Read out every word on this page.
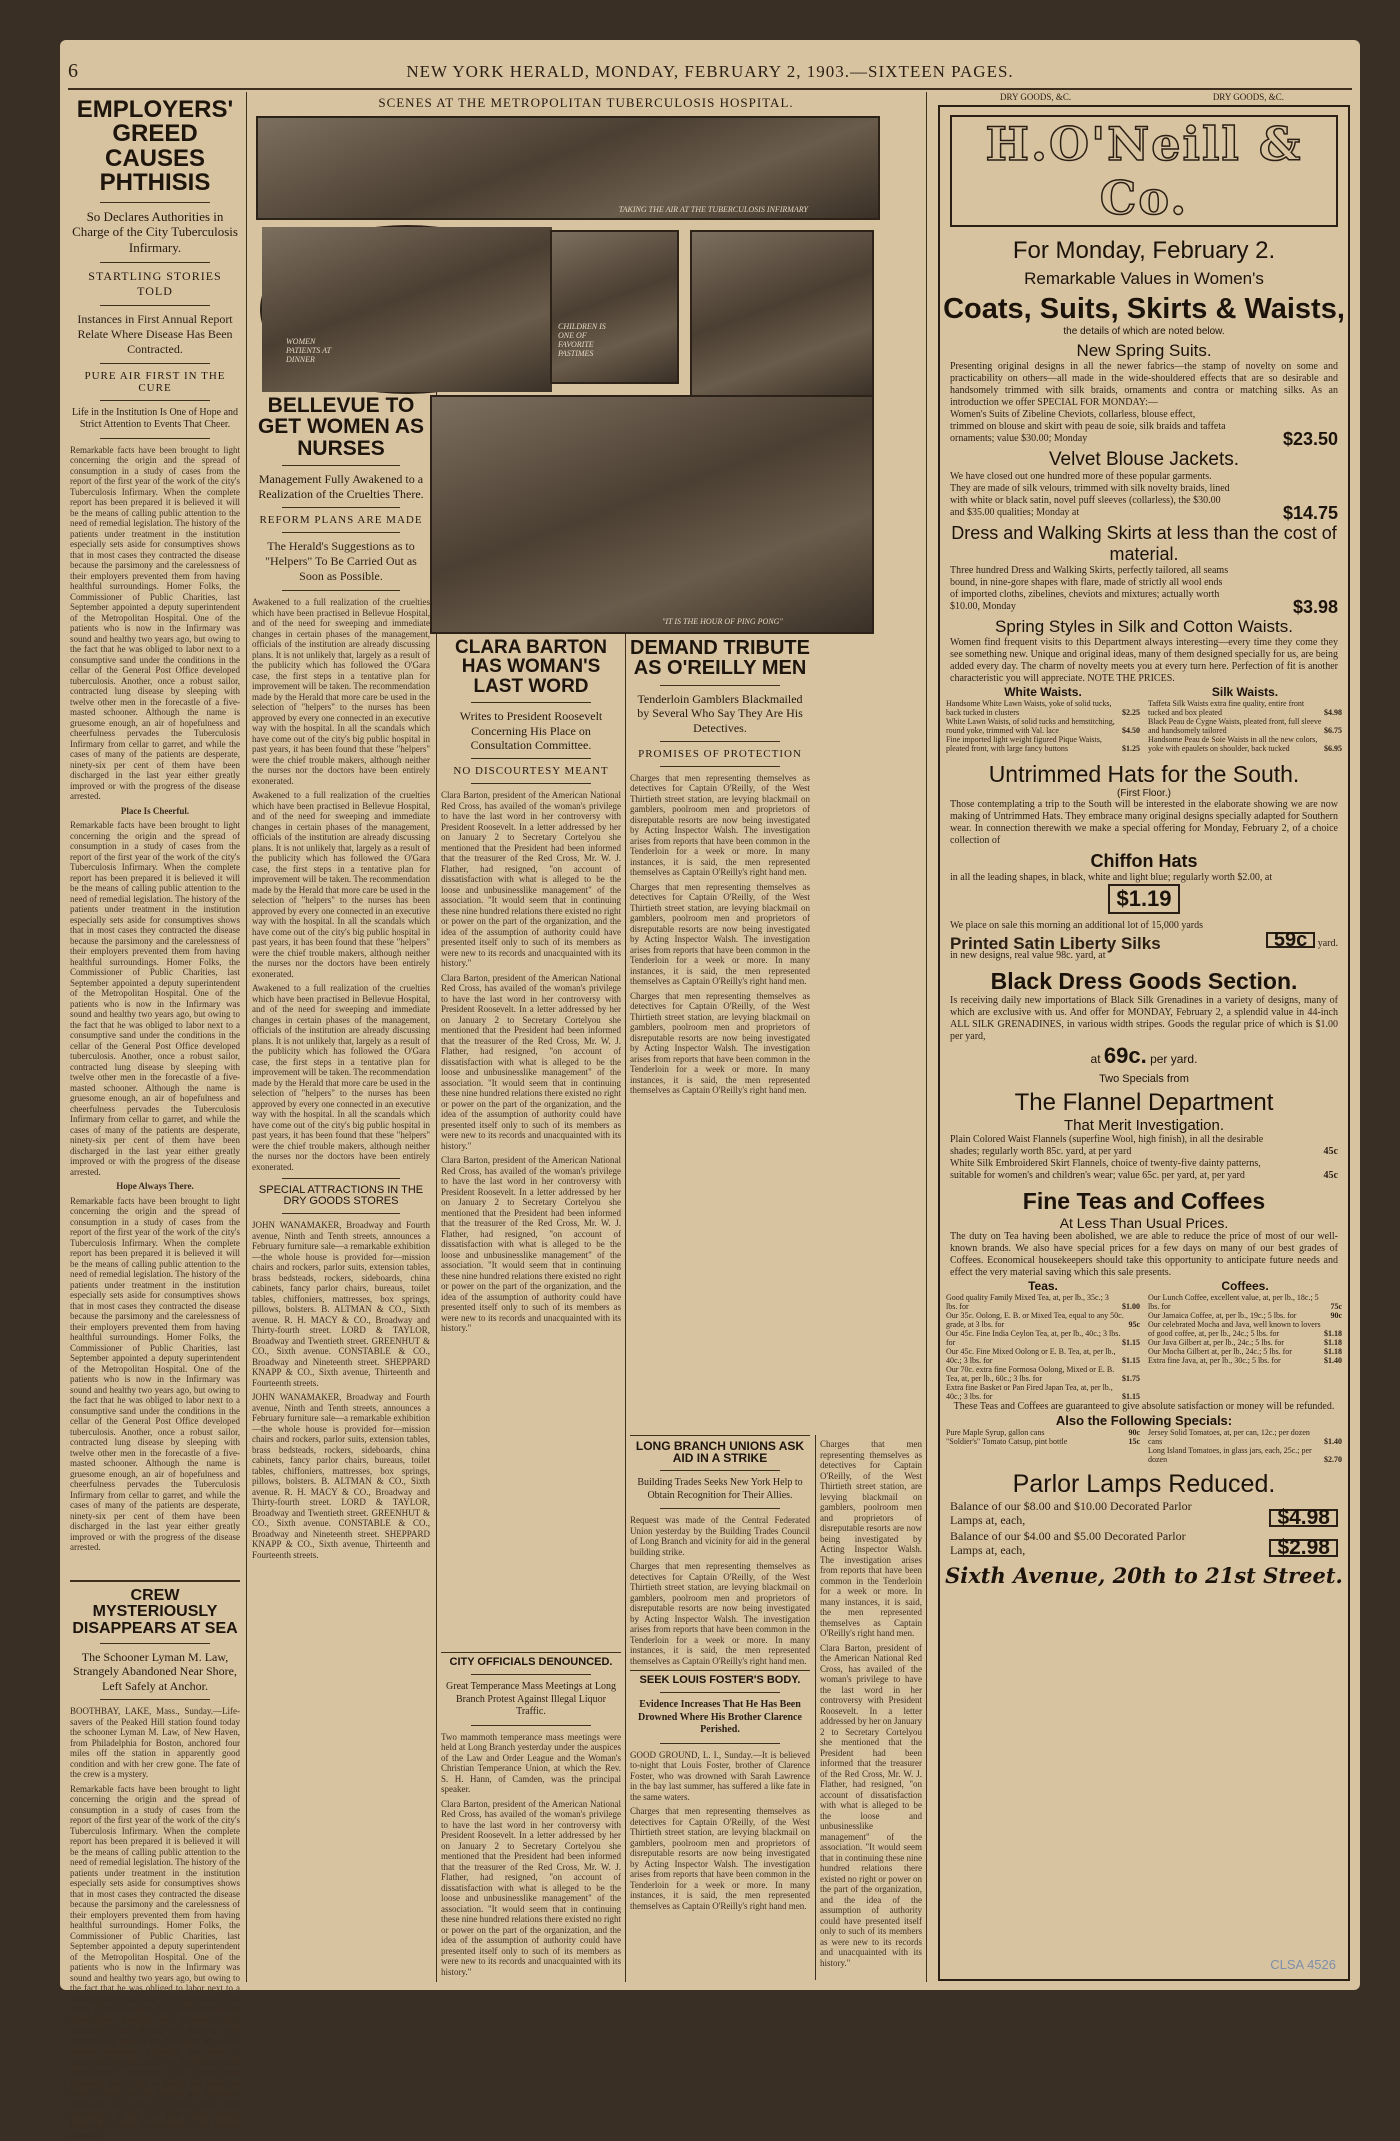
6	NEW YORK HERALD, MONDAY, FEBRUARY 2, 1903.—SIXTEEN PAGES.
EMPLOYERS' GREED CAUSES PHTHISIS
So Declares Authorities in Charge of the City Tuberculosis Infirmary.
STARTLING STORIES TOLD
Instances in First Annual Report Relate Where Disease Has Been Contracted.
PURE AIR FIRST IN THE CURE
Life in the Institution Is One of Hope and Strict Attention to Events That Cheer.
Remarkable facts have been brought to light concerning the origin and the spread of consumption in a study of cases from the report of the first year of the work of the city's Tuberculosis Infirmary. When the complete report has been prepared it is believed it will be the means of calling public attention to the need of remedial legislation. The history of the patients under treatment in the institution especially sets aside for consumptives shows that in most cases they contracted the disease because the parsimony and the carelessness of their employers prevented them from having healthful surroundings. Homer Folks, the Commissioner of Public Charities, last September appointed a deputy superintendent of the Metropolitan Hospital. One of the patients who is now in the Infirmary was sound and healthy two years ago, but owing to the fact that he was obliged to labor next to a consumptive sand under the conditions in the cellar of the General Post Office developed tuberculosis. Another, once a robust sailor, contracted lung disease by sleeping with twelve other men in the forecastle of a five-masted schooner. Although the name is gruesome enough, an air of hopefulness and cheerfulness pervades the Tuberculosis Infirmary from cellar to garret, and while the cases of many of the patients are desperate, ninety-six per cent of them have been discharged in the last year either greatly improved or with the progress of the disease arrested.
Place Is Cheerful.
Remarkable facts have been brought to light concerning the origin and the spread of consumption in a study of cases from the report of the first year of the work of the city's Tuberculosis Infirmary. When the complete report has been prepared it is believed it will be the means of calling public attention to the need of remedial legislation. The history of the patients under treatment in the institution especially sets aside for consumptives shows that in most cases they contracted the disease because the parsimony and the carelessness of their employers prevented them from having healthful surroundings. Homer Folks, the Commissioner of Public Charities, last September appointed a deputy superintendent of the Metropolitan Hospital. One of the patients who is now in the Infirmary was sound and healthy two years ago, but owing to the fact that he was obliged to labor next to a consumptive sand under the conditions in the cellar of the General Post Office developed tuberculosis. Another, once a robust sailor, contracted lung disease by sleeping with twelve other men in the forecastle of a five-masted schooner. Although the name is gruesome enough, an air of hopefulness and cheerfulness pervades the Tuberculosis Infirmary from cellar to garret, and while the cases of many of the patients are desperate, ninety-six per cent of them have been discharged in the last year either greatly improved or with the progress of the disease arrested.
Hope Always There.
Remarkable facts have been brought to light concerning the origin and the spread of consumption in a study of cases from the report of the first year of the work of the city's Tuberculosis Infirmary. When the complete report has been prepared it is believed it will be the means of calling public attention to the need of remedial legislation. The history of the patients under treatment in the institution especially sets aside for consumptives shows that in most cases they contracted the disease because the parsimony and the carelessness of their employers prevented them from having healthful surroundings. Homer Folks, the Commissioner of Public Charities, last September appointed a deputy superintendent of the Metropolitan Hospital. One of the patients who is now in the Infirmary was sound and healthy two years ago, but owing to the fact that he was obliged to labor next to a consumptive sand under the conditions in the cellar of the General Post Office developed tuberculosis. Another, once a robust sailor, contracted lung disease by sleeping with twelve other men in the forecastle of a five-masted schooner. Although the name is gruesome enough, an air of hopefulness and cheerfulness pervades the Tuberculosis Infirmary from cellar to garret, and while the cases of many of the patients are desperate, ninety-six per cent of them have been discharged in the last year either greatly improved or with the progress of the disease arrested.
CREW MYSTERIOUSLY DISAPPEARS AT SEA
The Schooner Lyman M. Law, Strangely Abandoned Near Shore, Left Safely at Anchor.
BOOTHBAY, LAKE, Mass., Sunday.—Life-savers of the Peaked Hill station found today the schooner Lyman M. Law, of New Haven, from Philadelphia for Boston, anchored four miles off the station in apparently good condition and with her crew gone. The fate of the crew is a mystery.
Remarkable facts have been brought to light concerning the origin and the spread of consumption in a study of cases from the report of the first year of the work of the city's Tuberculosis Infirmary. When the complete report has been prepared it is believed it will be the means of calling public attention to the need of remedial legislation. The history of the patients under treatment in the institution especially sets aside for consumptives shows that in most cases they contracted the disease because the parsimony and the carelessness of their employers prevented them from having healthful surroundings. Homer Folks, the Commissioner of Public Charities, last September appointed a deputy superintendent of the Metropolitan Hospital. One of the patients who is now in the Infirmary was sound and healthy two years ago, but owing to the fact that he was obliged to labor next to a consumptive sand under the conditions in the cellar of the General Post Office developed tuberculosis. Another, once a robust sailor, contracted lung disease by sleeping with twelve other men in the forecastle of a five-masted schooner. Although the name is gruesome enough, an air of hopefulness and cheerfulness pervades the Tuberculosis Infirmary from cellar to garret, and while the cases of many of the patients are desperate, ninety-six per cent of them have been discharged in the last year either greatly improved or with the progress of the disease arrested.
SCENES AT THE METROPOLITAN TUBERCULOSIS HOSPITAL.
TAKING THE AIR AT THE TUBERCULOSIS INFIRMARY
WOMEN PATIENTS AT DINNER
CHILDREN IS ONE OF FAVORITE PASTIMES
"IT IS THE HOUR OF PING PONG"
BELLEVUE TO GET WOMEN AS NURSES
Management Fully Awakened to a Realization of the Cruelties There.
REFORM PLANS ARE MADE
The Herald's Suggestions as to "Helpers" To Be Carried Out as Soon as Possible.
Awakened to a full realization of the cruelties which have been practised in Bellevue Hospital, and of the need for sweeping and immediate changes in certain phases of the management, officials of the institution are already discussing plans. It is not unlikely that, largely as a result of the publicity which has followed the O'Gara case, the first steps in a tentative plan for improvement will be taken. The recommendation made by the Herald that more care be used in the selection of "helpers" to the nurses has been approved by every one connected in an executive way with the hospital. In all the scandals which have come out of the city's big public hospital in past years, it has been found that these "helpers" were the chief trouble makers, although neither the nurses nor the doctors have been entirely exonerated.
Awakened to a full realization of the cruelties which have been practised in Bellevue Hospital, and of the need for sweeping and immediate changes in certain phases of the management, officials of the institution are already discussing plans. It is not unlikely that, largely as a result of the publicity which has followed the O'Gara case, the first steps in a tentative plan for improvement will be taken. The recommendation made by the Herald that more care be used in the selection of "helpers" to the nurses has been approved by every one connected in an executive way with the hospital. In all the scandals which have come out of the city's big public hospital in past years, it has been found that these "helpers" were the chief trouble makers, although neither the nurses nor the doctors have been entirely exonerated.
Awakened to a full realization of the cruelties which have been practised in Bellevue Hospital, and of the need for sweeping and immediate changes in certain phases of the management, officials of the institution are already discussing plans. It is not unlikely that, largely as a result of the publicity which has followed the O'Gara case, the first steps in a tentative plan for improvement will be taken. The recommendation made by the Herald that more care be used in the selection of "helpers" to the nurses has been approved by every one connected in an executive way with the hospital. In all the scandals which have come out of the city's big public hospital in past years, it has been found that these "helpers" were the chief trouble makers, although neither the nurses nor the doctors have been entirely exonerated.
SPECIAL ATTRACTIONS IN THE DRY GOODS STORES
JOHN WANAMAKER, Broadway and Fourth avenue, Ninth and Tenth streets, announces a February furniture sale—a remarkable exhibition—the whole house is provided for—mission chairs and rockers, parlor suits, extension tables, brass bedsteads, rockers, sideboards, china cabinets, fancy parlor chairs, bureaus, toilet tables, chiffoniers, mattresses, box springs, pillows, bolsters. B. ALTMAN & CO., Sixth avenue. R. H. MACY & CO., Broadway and Thirty-fourth street. LORD & TAYLOR, Broadway and Twentieth street. GREENHUT & CO., Sixth avenue. CONSTABLE & CO., Broadway and Nineteenth street. SHEPPARD KNAPP & CO., Sixth avenue, Thirteenth and Fourteenth streets.
JOHN WANAMAKER, Broadway and Fourth avenue, Ninth and Tenth streets, announces a February furniture sale—a remarkable exhibition—the whole house is provided for—mission chairs and rockers, parlor suits, extension tables, brass bedsteads, rockers, sideboards, china cabinets, fancy parlor chairs, bureaus, toilet tables, chiffoniers, mattresses, box springs, pillows, bolsters. B. ALTMAN & CO., Sixth avenue. R. H. MACY & CO., Broadway and Thirty-fourth street. LORD & TAYLOR, Broadway and Twentieth street. GREENHUT & CO., Sixth avenue. CONSTABLE & CO., Broadway and Nineteenth street. SHEPPARD KNAPP & CO., Sixth avenue, Thirteenth and Fourteenth streets.
CLARA BARTON HAS WOMAN'S LAST WORD
Writes to President Roosevelt Concerning His Place on Consultation Committee.
NO DISCOURTESY MEANT
Clara Barton, president of the American National Red Cross, has availed of the woman's privilege to have the last word in her controversy with President Roosevelt. In a letter addressed by her on January 2 to Secretary Cortelyou she mentioned that the President had been informed that the treasurer of the Red Cross, Mr. W. J. Flather, had resigned, "on account of dissatisfaction with what is alleged to be the loose and unbusinesslike management" of the association. "It would seem that in continuing these nine hundred relations there existed no right or power on the part of the organization, and the idea of the assumption of authority could have presented itself only to such of its members as were new to its records and unacquainted with its history."
Clara Barton, president of the American National Red Cross, has availed of the woman's privilege to have the last word in her controversy with President Roosevelt. In a letter addressed by her on January 2 to Secretary Cortelyou she mentioned that the President had been informed that the treasurer of the Red Cross, Mr. W. J. Flather, had resigned, "on account of dissatisfaction with what is alleged to be the loose and unbusinesslike management" of the association. "It would seem that in continuing these nine hundred relations there existed no right or power on the part of the organization, and the idea of the assumption of authority could have presented itself only to such of its members as were new to its records and unacquainted with its history."
Clara Barton, president of the American National Red Cross, has availed of the woman's privilege to have the last word in her controversy with President Roosevelt. In a letter addressed by her on January 2 to Secretary Cortelyou she mentioned that the President had been informed that the treasurer of the Red Cross, Mr. W. J. Flather, had resigned, "on account of dissatisfaction with what is alleged to be the loose and unbusinesslike management" of the association. "It would seem that in continuing these nine hundred relations there existed no right or power on the part of the organization, and the idea of the assumption of authority could have presented itself only to such of its members as were new to its records and unacquainted with its history."
CITY OFFICIALS DENOUNCED.
Great Temperance Mass Meetings at Long Branch Protest Against Illegal Liquor Traffic.
Two mammoth temperance mass meetings were held at Long Branch yesterday under the auspices of the Law and Order League and the Woman's Christian Temperance Union, at which the Rev. S. H. Hann, of Camden, was the principal speaker.
Clara Barton, president of the American National Red Cross, has availed of the woman's privilege to have the last word in her controversy with President Roosevelt. In a letter addressed by her on January 2 to Secretary Cortelyou she mentioned that the President had been informed that the treasurer of the Red Cross, Mr. W. J. Flather, had resigned, "on account of dissatisfaction with what is alleged to be the loose and unbusinesslike management" of the association. "It would seem that in continuing these nine hundred relations there existed no right or power on the part of the organization, and the idea of the assumption of authority could have presented itself only to such of its members as were new to its records and unacquainted with its history."
DEMAND TRIBUTE AS O'REILLY MEN
Tenderloin Gamblers Blackmailed by Several Who Say They Are His Detectives.
PROMISES OF PROTECTION
Charges that men representing themselves as detectives for Captain O'Reilly, of the West Thirtieth street station, are levying blackmail on gamblers, poolroom men and proprietors of disreputable resorts are now being investigated by Acting Inspector Walsh. The investigation arises from reports that have been common in the Tenderloin for a week or more. In many instances, it is said, the men represented themselves as Captain O'Reilly's right hand men.
Charges that men representing themselves as detectives for Captain O'Reilly, of the West Thirtieth street station, are levying blackmail on gamblers, poolroom men and proprietors of disreputable resorts are now being investigated by Acting Inspector Walsh. The investigation arises from reports that have been common in the Tenderloin for a week or more. In many instances, it is said, the men represented themselves as Captain O'Reilly's right hand men.
Charges that men representing themselves as detectives for Captain O'Reilly, of the West Thirtieth street station, are levying blackmail on gamblers, poolroom men and proprietors of disreputable resorts are now being investigated by Acting Inspector Walsh. The investigation arises from reports that have been common in the Tenderloin for a week or more. In many instances, it is said, the men represented themselves as Captain O'Reilly's right hand men.
LONG BRANCH UNIONS ASK AID IN A STRIKE
Building Trades Seeks New York Help to Obtain Recognition for Their Allies.
Request was made of the Central Federated Union yesterday by the Building Trades Council of Long Branch and vicinity for aid in the general building strike.
Charges that men representing themselves as detectives for Captain O'Reilly, of the West Thirtieth street station, are levying blackmail on gamblers, poolroom men and proprietors of disreputable resorts are now being investigated by Acting Inspector Walsh. The investigation arises from reports that have been common in the Tenderloin for a week or more. In many instances, it is said, the men represented themselves as Captain O'Reilly's right hand men.
SEEK LOUIS FOSTER'S BODY.
Evidence Increases That He Has Been Drowned Where His Brother Clarence Perished.
GOOD GROUND, L. I., Sunday.—It is believed to-night that Louis Foster, brother of Clarence Foster, who was drowned with Sarah Lawrence in the bay last summer, has suffered a like fate in the same waters.
Charges that men representing themselves as detectives for Captain O'Reilly, of the West Thirtieth street station, are levying blackmail on gamblers, poolroom men and proprietors of disreputable resorts are now being investigated by Acting Inspector Walsh. The investigation arises from reports that have been common in the Tenderloin for a week or more. In many instances, it is said, the men represented themselves as Captain O'Reilly's right hand men.
Charges that men representing themselves as detectives for Captain O'Reilly, of the West Thirtieth street station, are levying blackmail on gamblers, poolroom men and proprietors of disreputable resorts are now being investigated by Acting Inspector Walsh. The investigation arises from reports that have been common in the Tenderloin for a week or more. In many instances, it is said, the men represented themselves as Captain O'Reilly's right hand men.
Clara Barton, president of the American National Red Cross, has availed of the woman's privilege to have the last word in her controversy with President Roosevelt. In a letter addressed by her on January 2 to Secretary Cortelyou she mentioned that the President had been informed that the treasurer of the Red Cross, Mr. W. J. Flather, had resigned, "on account of dissatisfaction with what is alleged to be the loose and unbusinesslike management" of the association. "It would seem that in continuing these nine hundred relations there existed no right or power on the part of the organization, and the idea of the assumption of authority could have presented itself only to such of its members as were new to its records and unacquainted with its history."
DRY GOODS, &C.	DRY GOODS, &C.
H.O'Neill & Co.
For Monday, February 2.
Remarkable Values in Women's
Coats, Suits, Skirts & Waists,
the details of which are noted below.
New Spring Suits.
Presenting original designs in all the newer fabrics—the stamp of novelty on some and practicability on others—all made in the wide-shouldered effects that are so desirable and handsomely trimmed with silk braids, ornaments and contra or matching silks. As an introduction we offer SPECIAL FOR MONDAY:—
Women's Suits of Zibeline Cheviots, collarless, blouse effect, trimmed on blouse and skirt with peau de soie, silk braids and taffeta ornaments; value $30.00; Monday	$23.50
Velvet Blouse Jackets.
We have closed out one hundred more of these popular garments. They are made of silk velours, trimmed with silk novelty braids, lined with white or black satin, novel puff sleeves (collarless), the $30.00 and $35.00 qualities; Monday at	$14.75
Dress and Walking Skirts at less than the cost of material.
Three hundred Dress and Walking Skirts, perfectly tailored, all seams bound, in nine-gore shapes with flare, made of strictly all wool ends of imported cloths, zibelines, cheviots and mixtures; actually worth $10.00, Monday	$3.98
Spring Styles in Silk and Cotton Waists.
Women find frequent visits to this Department always interesting—every time they come they see something new. Unique and original ideas, many of them designed specially for us, are being added every day. The charm of novelty meets you at every turn here. Perfection of fit is another characteristic you will appreciate. NOTE THE PRICES.
White Waists.
Handsome White Lawn Waists, yoke of solid tucks, back tucked in clusters	$2.25
White Lawn Waists, of solid tucks and hemstitching, round yoke, trimmed with Val. lace	$4.50
Fine imported light weight figured Pique Waists, pleated front, with large fancy buttons	$1.25
Silk Waists.
Taffeta Silk Waists extra fine quality, entire front tucked and box pleated	$4.98
Black Peau de Cygne Waists, pleated front, full sleeve and handsomely tailored	$6.75
Handsome Peau de Soie Waists in all the new colors, yoke with epaulets on shoulder, back tucked	$6.95
Untrimmed Hats for the South.
(First Floor.)
Those contemplating a trip to the South will be interested in the elaborate showing we are now making of Untrimmed Hats. They embrace many original designs specially adapted for Southern wear. In connection therewith we make a special offering for Monday, February 2, of a choice collection of
Chiffon Hats
in all the leading shapes, in black, white and light blue; regularly worth $2.00, at
$1.19
We place on sale this morning an additional lot of 15,000 yards
Printed Satin Liberty Silks	59c yard.
in new designs, real value 98c. yard, at
Black Dress Goods Section.
Is receiving daily new importations of Black Silk Grenadines in a variety of designs, many of which are exclusive with us. And offer for MONDAY, February 2, a splendid value in 44-inch ALL SILK GRENADINES, in various width stripes. Goods the regular price of which is $1.00 per yard,
at 69c. per yard.
Two Specials from
The Flannel Department
That Merit Investigation.
Plain Colored Waist Flannels (superfine Wool, high finish), in all the desirable shades; regularly worth 85c. yard, at per yard	45c
White Silk Embroidered Skirt Flannels, choice of twenty-five dainty patterns, suitable for women's and children's wear; value 65c. per yard, at, per yard	45c
Fine Teas and Coffees
At Less Than Usual Prices.
The duty on Tea having been abolished, we are able to reduce the price of most of our well-known brands. We also have special prices for a few days on many of our best grades of Coffees. Economical housekeepers should take this opportunity to anticipate future needs and effect the very material saving which this sale presents.
Teas.
Good quality Family Mixed Tea, at, per lb., 35c.; 3 lbs. for	$1.00
Our 35c. Oolong, E. B. or Mixed Tea, equal to any 50c. grade, at 3 lbs. for	95c
Our 45c. Fine India Ceylon Tea, at, per lb., 40c.; 3 lbs. for	$1.15
Our 45c. Fine Mixed Oolong or E. B. Tea, at, per lb., 40c.; 3 lbs. for	$1.15
Our 70c. extra fine Formosa Oolong, Mixed or E. B. Tea, at, per lb., 60c.; 3 lbs. for	$1.75
Extra fine Basket or Pan Fired Japan Tea, at, per lb., 40c.; 3 lbs. for	$1.15
Coffees.
Our Lunch Coffee, excellent value, at, per lb., 18c.; 5 lbs. for	75c
Our Jamaica Coffee, at, per lb., 19c.; 5 lbs. for	90c
Our celebrated Mocha and Java, well known to lovers of good coffee, at, per lb., 24c.; 5 lbs. for	$1.18
Our Java Gilbert at, per lb., 24c.; 5 lbs. for	$1.18
Our Mocha Gilbert at, per lb., 24c.; 5 lbs. for	$1.18
Extra fine Java, at, per lb., 30c.; 5 lbs. for	$1.40
These Teas and Coffees are guaranteed to give absolute satisfaction or money will be refunded.
Also the Following Specials:
Pure Maple Syrup, gallon cans	90c
"Soldier's" Tomato Catsup, pint bottle	15c
Jersey Solid Tomatoes, at, per can, 12c.; per dozen cans	$1.40
Long Island Tomatoes, in glass jars, each, 25c.; per dozen	$2.70
Parlor Lamps Reduced.
Balance of our $8.00 and $10.00 Decorated Parlor Lamps at, each,	$4.98
Balance of our $4.00 and $5.00 Decorated Parlor Lamps at, each,	$2.98
Sixth Avenue, 20th to 21st Street.
CLSA 4526
